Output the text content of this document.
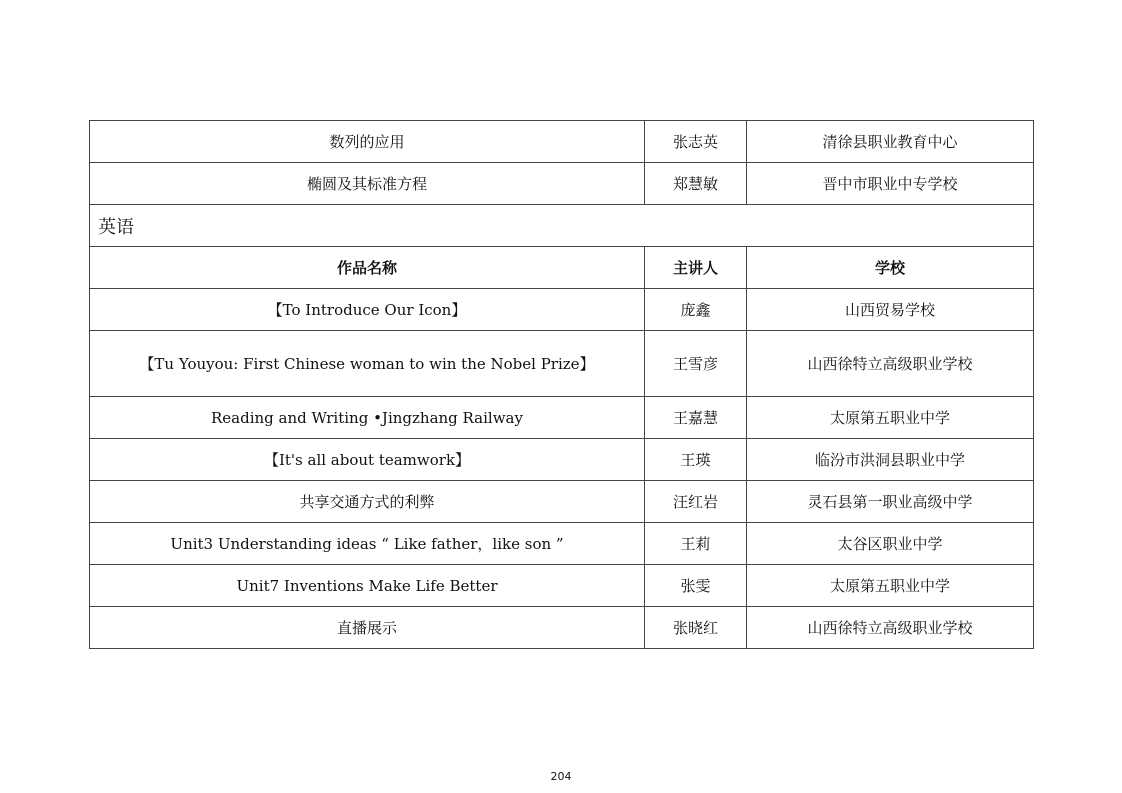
数列的应用	张志英	清徐县职业教育中心
椭圆及其标准方程	郑慧敏	晋中市职业中专学校
英语		
作品名称	主讲人	学校
【To Introduce Our Icon】	庞鑫	山西贸易学校
【Tu Youyou: First Chinese woman to win the Nobel Prize】	王雪彦	山西徐特立高级职业学校
Reading and Writing •Jingzhang Railway	王嘉慧	太原第五职业中学
【It's all about teamwork】	王瑛	临汾市洪洞县职业中学
共享交通方式的利弊	汪红岩	灵石县第一职业高级中学
Unit3 Understanding ideas “ Like father，like son ”	王莉	太谷区职业中学
Unit7 Inventions Make Life Better	张雯	太原第五职业中学
直播展示	张晓红	山西徐特立高级职业学校
204
